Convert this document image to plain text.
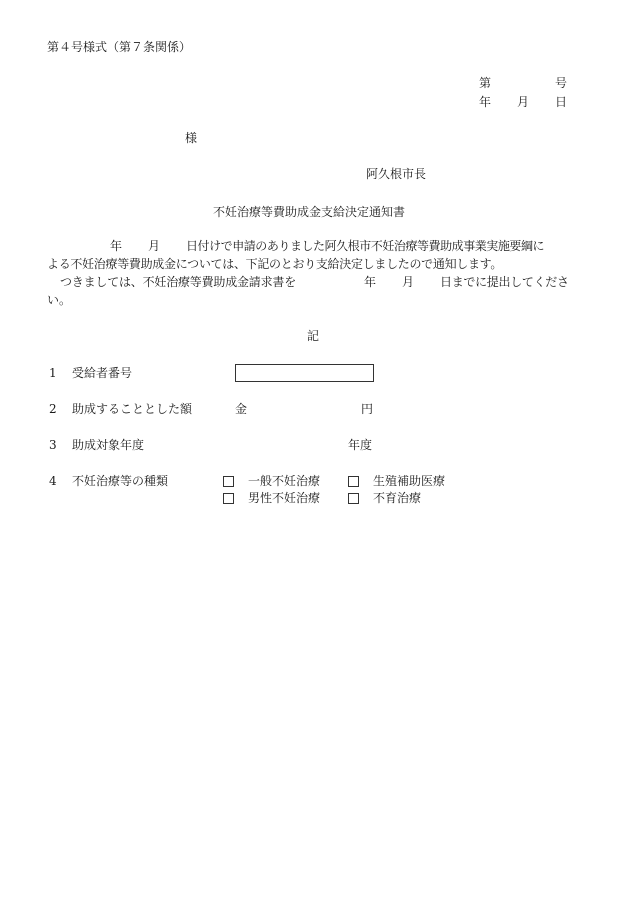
第４号様式（第７条関係）
第	号
年 月 日
様
阿久根市長
不妊治療等費助成金支給決定通知書
年 月 日付けで申請のありました阿久根市不妊治療等費助成事業実施要綱に
よる不妊治療等費助成金については、下記のとおり支給決定しましたので通知します。
つきましては、不妊治療等費助成金請求書を	年 月 日までに提出してくださ
い。
記
1 受給者番号
2 助成することとした額	金	円
3 助成対象年度	年度
4 不妊治療等の種類	一般不妊治療	生殖補助医療
男性不妊治療	不育治療
